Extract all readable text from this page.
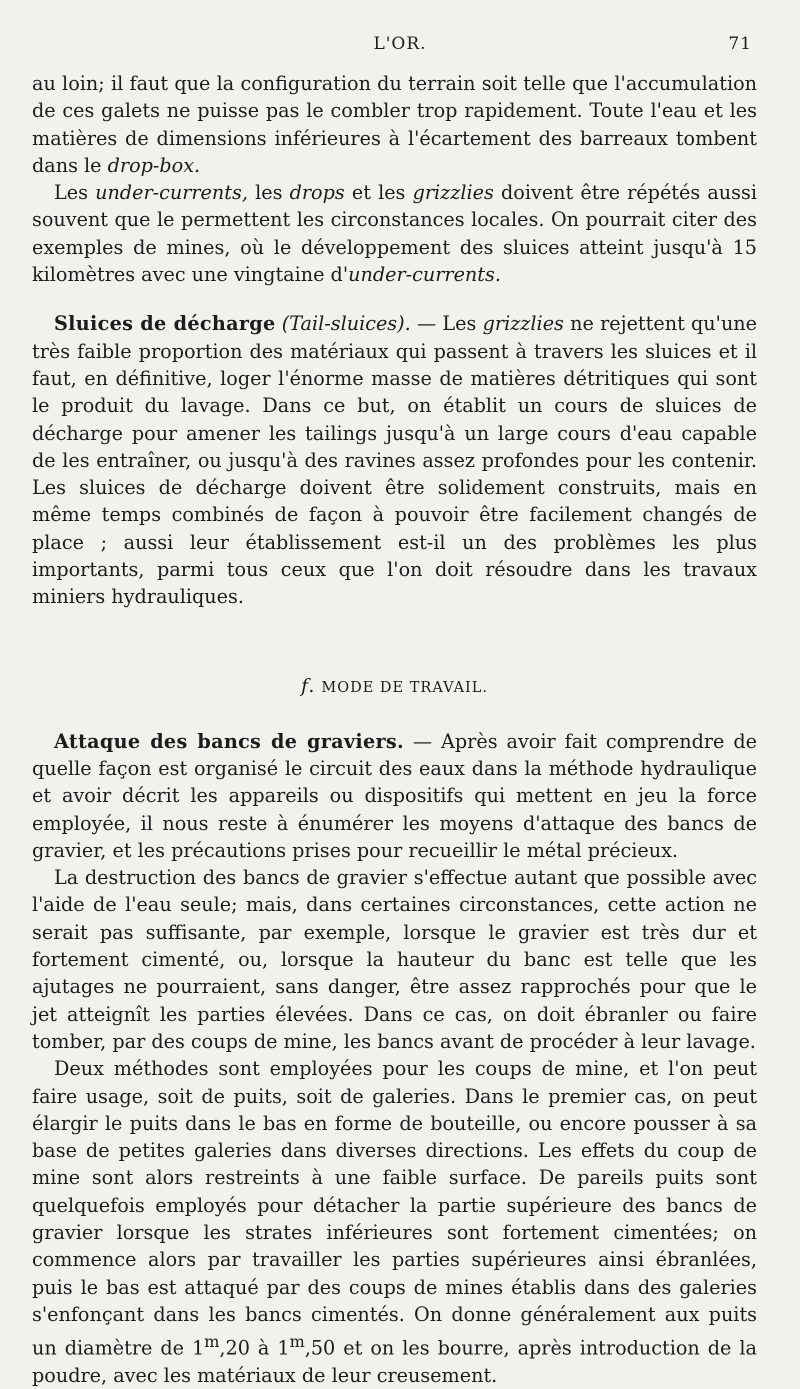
L'OR.	71

au loin; il faut que la configuration du terrain soit telle que l'accumulation de ces galets ne puisse pas le combler trop rapidement. Toute l'eau et les matières de dimensions inférieures à l'écartement des barreaux tombent dans le drop-box.

Les under-currents, les drops et les grizzlies doivent être répétés aussi souvent que le permettent les circonstances locales. On pourrait citer des exemples de mines, où le développement des sluices atteint jusqu'à 15 kilomètres avec une vingtaine d'under-currents.

Sluices de décharge (Tail-sluices). — Les grizzlies ne rejettent qu'une très faible proportion des matériaux qui passent à travers les sluices et il faut, en définitive, loger l'énorme masse de matières détritiques qui sont le produit du lavage. Dans ce but, on établit un cours de sluices de décharge pour amener les tailings jusqu'à un large cours d'eau capable de les entraîner, ou jusqu'à des ravines assez profondes pour les contenir. Les sluices de décharge doivent être solidement construits, mais en même temps combinés de façon à pouvoir être facilement changés de place ; aussi leur établissement est-il un des problèmes les plus importants, parmi tous ceux que l'on doit résoudre dans les travaux miniers hydrauliques.

f. MODE DE TRAVAIL.

Attaque des bancs de graviers. — Après avoir fait comprendre de quelle façon est organisé le circuit des eaux dans la méthode hydraulique et avoir décrit les appareils ou dispositifs qui mettent en jeu la force employée, il nous reste à énumérer les moyens d'attaque des bancs de gravier, et les précautions prises pour recueillir le métal précieux.

La destruction des bancs de gravier s'effectue autant que possible avec l'aide de l'eau seule; mais, dans certaines circonstances, cette action ne serait pas suffisante, par exemple, lorsque le gravier est très dur et fortement cimenté, ou, lorsque la hauteur du banc est telle que les ajutages ne pourraient, sans danger, être assez rapprochés pour que le jet atteignît les parties élevées. Dans ce cas, on doit ébranler ou faire tomber, par des coups de mine, les bancs avant de procéder à leur lavage.

Deux méthodes sont employées pour les coups de mine, et l'on peut faire usage, soit de puits, soit de galeries. Dans le premier cas, on peut élargir le puits dans le bas en forme de bouteille, ou encore pousser à sa base de petites galeries dans diverses directions. Les effets du coup de mine sont alors restreints à une faible surface. De pareils puits sont quelquefois employés pour détacher la partie supérieure des bancs de gravier lorsque les strates inférieures sont fortement cimentées; on commence alors par travailler les parties supérieures ainsi ébranlées, puis le bas est attaqué par des coups de mines établis dans des galeries s'enfonçant dans les bancs cimentés. On donne généralement aux puits un diamètre de 1$^m$,20 à 1$^m$,50 et on les bourre, après introduction de la poudre, avec les matériaux de leur creusement.
